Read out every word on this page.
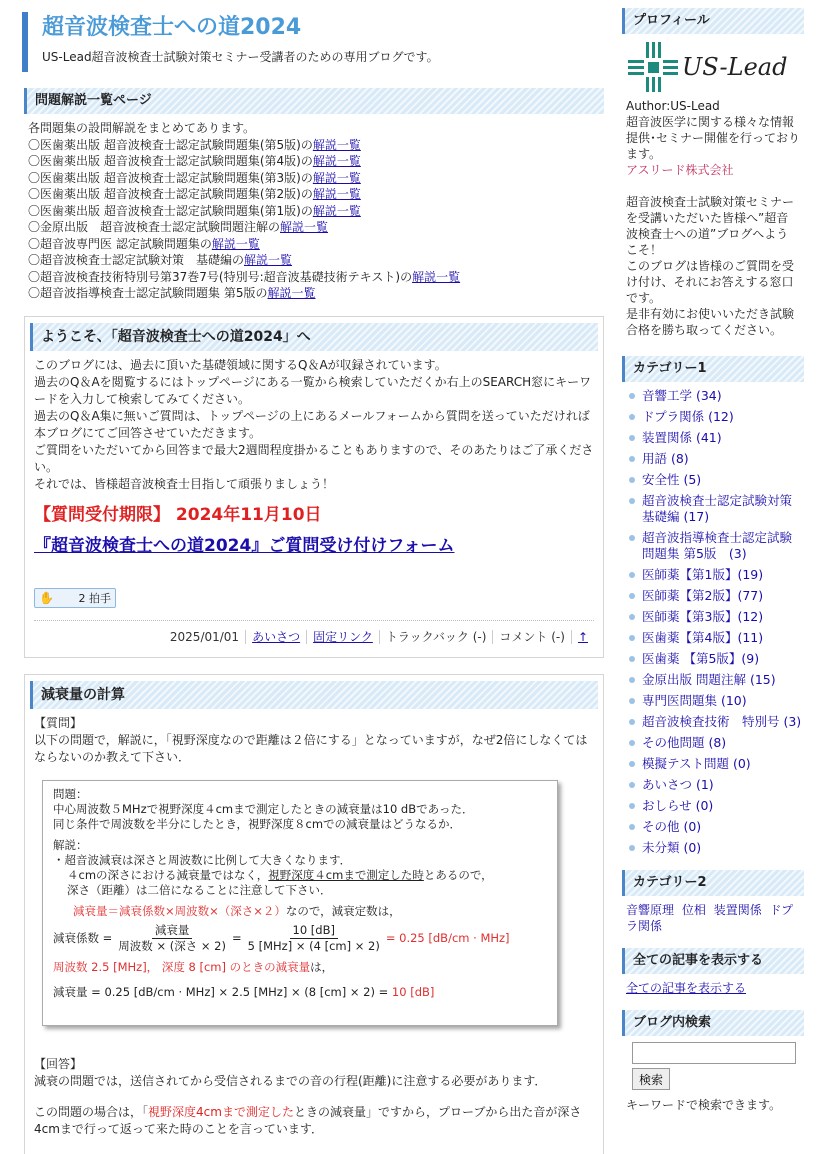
超音波検査士への道2024
US-Lead超音波検査士試験対策セミナー受講者のための専用ブログです。
問題解説一覧ページ
各問題集の設問解説をまとめてあります。
〇医歯薬出版 超音波検査士認定試験問題集(第5版)の解説一覧
〇医歯薬出版 超音波検査士認定試験問題集(第4版)の解説一覧
〇医歯薬出版 超音波検査士認定試験問題集(第3版)の解説一覧
〇医歯薬出版 超音波検査士認定試験問題集(第2版)の解説一覧
〇医歯薬出版 超音波検査士認定試験問題集(第1版)の解説一覧
〇金原出版　超音波検査士認定試験問題注解の解説一覧
〇超音波専門医 認定試験問題集の解説一覧
〇超音波検査士認定試験対策　基礎編の解説一覧
〇超音波検査技術特別号第37巻7号(特別号:超音波基礎技術テキスト)の解説一覧
〇超音波指導検査士認定試験問題集 第5版の解説一覧
ようこそ、「超音波検査士への道2024」へ
このブログには、過去に頂いた基礎領域に関するQ＆Aが収録されています。
過去のQ＆Aを閲覧するにはトップページにある一覧から検索していただくか右上のSEARCH窓にキーワードを入力して検索してみてください。
過去のQ＆A集に無いご質問は、トップページの上にあるメールフォームから質問を送っていただければ本ブログにてご回答させていただきます。
ご質問をいただいてから回答まで最大2週間程度掛かることもありますので、そのあたりはご了承ください。
それでは、皆様超音波検査士目指して頑張りましょう！
【質問受付期限】 2024年11月10日
『超音波検査士への道2024』ご質問受け付けフォーム
✋ 2 拍手
2025/01/01 あいさつ 固定リンク トラックバック (-) コメント (-) ↑
減衰量の計算
【質問】
以下の問題で，解説に，「視野深度なので距離は２倍にする」となっていますが，なぜ2倍にしなくてはならないのか教えて下さい．
問題：
中心周波数５MHzで視野深度４cmまで測定したときの減衰量は10 dBであった．
同じ条件で周波数を半分にしたとき，視野深度８cmでの減衰量はどうなるか．
解説：
・超音波減衰は深さと周波数に比例して大きくなります．
４cmの深さにおける減衰量ではなく，視野深度４cmまで測定した時とあるので，
深さ（距離）は二倍になることに注意して下さい．
減衰量＝減衰係数×周波数×（深さ×２）なので，減衰定数は，
減衰係数 = $\frac{\text{減衰量}}{\text{周波数 × (深さ × 2)}} = \frac{10 [dB]}{\text{5 [MHz] × (4 [cm] × 2)}} = 0.25$ [dB/cm · MHz]
周波数 2.5 [MHz]， 深度 8 [cm] のときの減衰量は，
減衰量 = 0.25 [dB/cm · MHz] × 2.5 [MHz] × (8 [cm] × 2) = 10 [dB]
【回答】
減衰の問題では，送信されてから受信されるまでの音の行程(距離)に注意する必要があります．
この問題の場合は，「視野深度4cmまで測定したときの減衰量」ですから，プローブから出た音が深さ4cmまで行って返って来た時のことを言っています．
プロフィール
US-Lead
Author:US-Lead
超音波医学に関する様々な情報提供･セミナー開催を行っております。
アスリード株式会社
超音波検査士試験対策セミナーを受講いただいた皆様へ”超音波検査士への道”ブログへようこそ！
このブログは皆様のご質問を受け付け、それにお答えする窓口です。
是非有効にお使いいただき試験合格を勝ち取ってください。
カテゴリー1
音響工学 (34)
ドプラ関係 (12)
装置関係 (41)
用語 (8)
安全性 (5)
超音波検査士認定試験対策　基礎編 (17)
超音波指導検査士認定試験問題集 第5版　(3)
医師薬【第1版】(19)
医師薬【第2版】(77)
医師薬【第3版】(12)
医歯薬【第4版】(11)
医歯薬 【第5版】(9)
金原出版 問題注解 (15)
専門医問題集 (10)
超音波検査技術　特別号 (3)
その他問題 (8)
模擬テスト問題 (0)
あいさつ (1)
おしらせ (0)
その他 (0)
未分類 (0)
カテゴリー2
音響原理 位相 装置関係 ドプラ関係
全ての記事を表示する
全ての記事を表示する
ブログ内検索
検索
キーワードで検索できます。
